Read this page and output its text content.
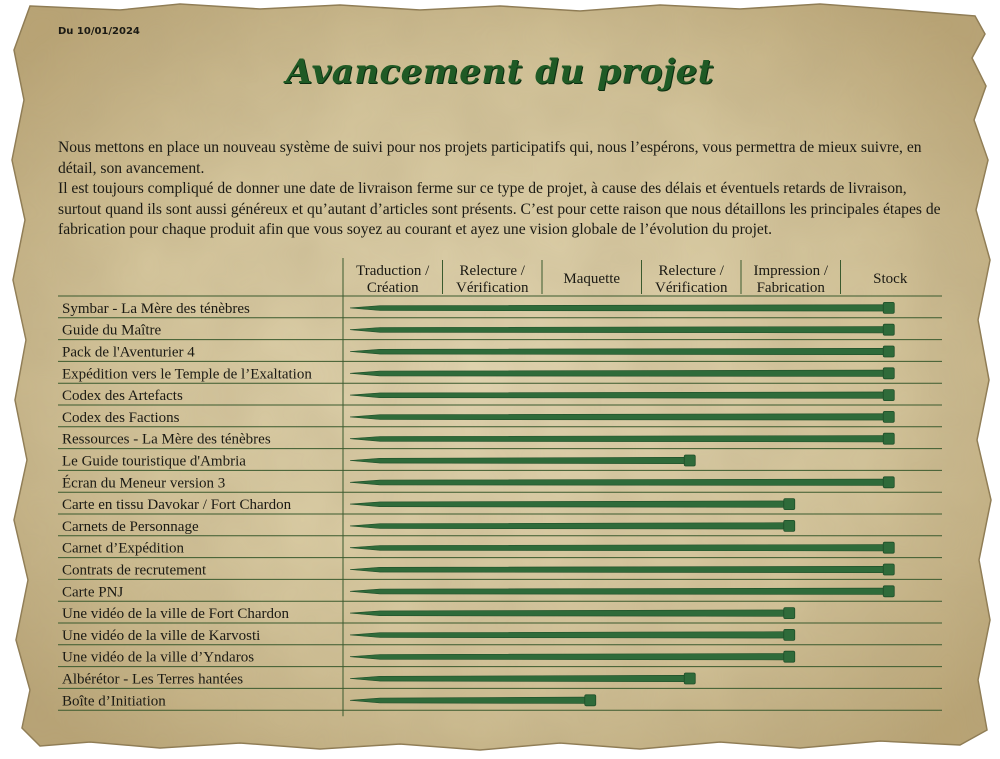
Du 10/01/2024
Avancement du projet

Nous mettons en place un nouveau système de suivi pour nos projets participatifs qui, nous l’espérons, vous permettra de mieux suivre, en détail, son avancement.

Il est toujours compliqué de donner une date de livraison ferme sur ce type de projet, à cause des délais et éventuels retards de livraison, surtout quand ils sont aussi généreux et qu’autant d’articles sont présents. C’est pour cette raison que nous détaillons les principales étapes de fabrication pour chaque produit afin que vous soyez au courant et ayez une vision globale de l’évolution du projet.

Traduction /
Création
Relecture /
Vérification
Maquette	Relecture /
Vérification
Impression /
Fabrication
Stock
Symbar - La Mère des ténèbres
Guide du Maître
Pack de l'Aventurier 4
Expédition vers le Temple de l’Exaltation
Codex des Artefacts
Codex des Factions
Ressources - La Mère des ténèbres
Le Guide touristique d'Ambria
Écran du Meneur version 3
Carte en tissu Davokar / Fort Chardon
Carnets de Personnage
Carnet d’Expédition
Contrats de recrutement
Carte PNJ
Une vidéo de la ville de Fort Chardon
Une vidéo de la ville de Karvosti
Une vidéo de la ville d’Yndaros
Albérétor - Les Terres hantées
Boîte d’Initiation
